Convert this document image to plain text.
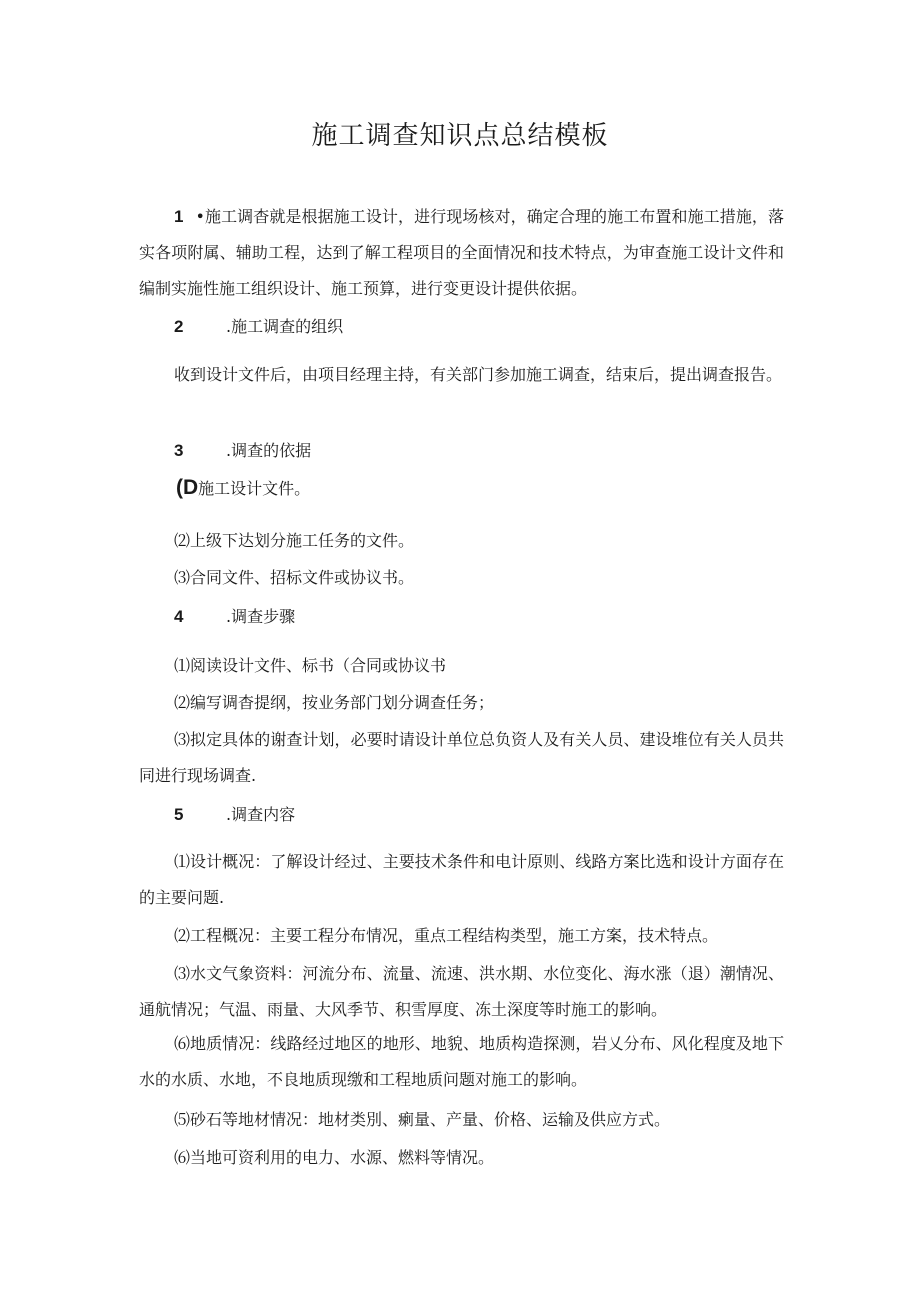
施工调查知识点总结模板
1 •施工调杳就是根据施工设计，进行现场核对，确定合理的施工布置和施工措施，落实各项附属、辅助工程，达到了解工程项目的全面情况和技术特点，为审查施工设计文件和编制实施性施工组织设计、施工预算，进行变更设计提供依据。
2	.施工调查的组织
收到设计文件后，由项目经理主持，有关部门参加施工调查，结束后，提出调查报告。
3	.调查的依据
(D施工设计文件。
⑵上级下达划分施工任务的文件。
⑶合同文件、招标文件或协议书。
4	.调查步骤
⑴阅读设计文件、标书（合同或协议书
⑵编写调杳提纲，按业务部门划分调查任务；
⑶拟定具体的谢查计划，必要时请设计单位总负资人及有关人员、建设堆位有关人员共同进行现场调查.
5	.调查内容
⑴设计概况：了解设计经过、主要技术条件和电计原则、线路方案比选和设计方面存在的主要问题.
⑵工程概况：主要工程分布情况，重点工程结构类型，施工方案，技术特点。
⑶水文气象资料：河流分布、流量、流速、洪水期、水位变化、海水涨（退）潮情况、通航情况；气温、雨量、大风季节、积雪厚度、冻土深度等时施工的影响。
⑹地质情况：线路经过地区的地形、地貌、地质构造探测，岩乂分布、风化程度及地下水的水质、水地，不良地质现缴和工程地质问题对施工的影响。
⑸砂石等地材情况：地材类別、瘌量、产量、价格、运输及供应方式。
⑹当地可资利用的电力、水源、燃料等情况。
